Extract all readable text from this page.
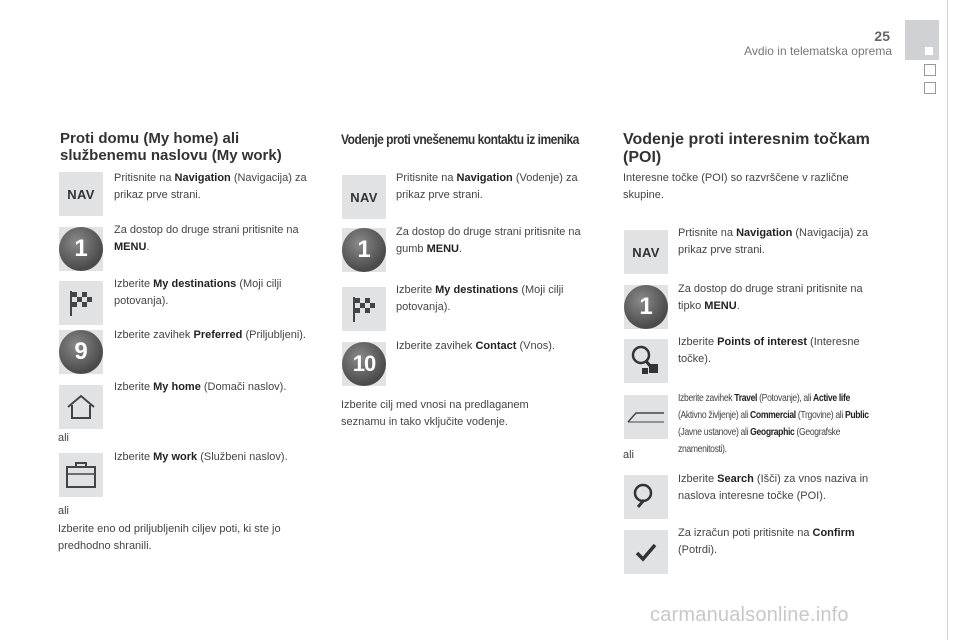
25
Avdio in telematska oprema
Proti domu (My home) ali
službenemu naslovu (My work)
NAV
Pritisnite na Navigation (Navigacija) za prikaz prve strani.
1
Za dostop do druge strani pritisnite na MENU.
Izberite My destinations (Moji cilji potovanja).
9
Izberite zavihek Preferred (Priljubljeni).
Izberite My home (Domači naslov).
ali
Izberite My work (Službeni naslov).
ali
Izberite eno od priljubljenih ciljev poti, ki ste jo predhodno shranili.
Vodenje proti vnešenemu kontaktu iz imenika
NAV
Pritisnite na Navigation (Vodenje) za prikaz prve strani.
1
Za dostop do druge strani pritisnite na gumb MENU.
Izberite My destinations (Moji cilji potovanja).
10
Izberite zavihek Contact (Vnos).
Izberite cilj med vnosi na predlaganem seznamu in tako vključite vodenje.
Vodenje proti interesnim točkam
(POI)
Interesne točke (POI) so razvrščene v različne skupine.
NAV
Prtisnite na Navigation (Navigacija) za prikaz prve strani.
1
Za dostop do druge strani pritisnite na tipko MENU.
Izberite Points of interest (Interesne točke).
Izberite zavihek Travel (Potovanje), ali Active life (Aktivno življenje) ali Commercial (Trgovine) ali Public (Javne ustanove) ali Geographic (Geografske znamenitosti).
ali
Izberite Search (Išči) za vnos naziva in naslova interesne točke (POI).
Za izračun poti pritisnite na Confirm (Potrdi).
carmanualsonline.info
